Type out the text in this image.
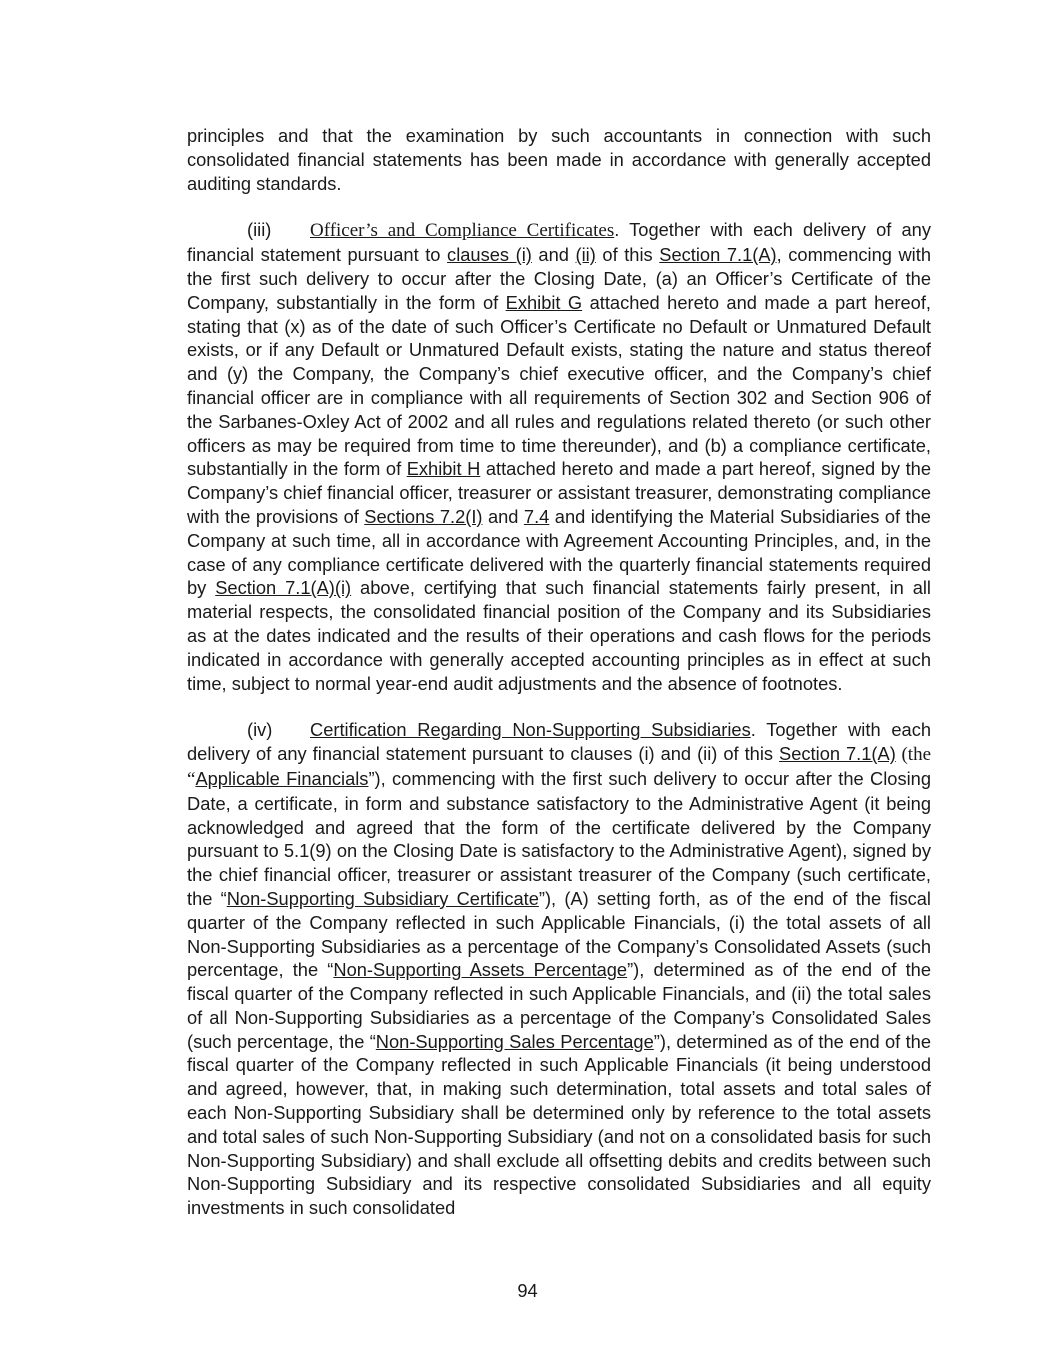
principles and that the examination by such accountants in connection with such consolidated financial statements has been made in accordance with generally accepted auditing standards.

(iii) Officer’s and Compliance Certificates. Together with each delivery of any financial statement pursuant to clauses (i) and (ii) of this Section 7.1(A), commencing with the first such delivery to occur after the Closing Date, (a) an Officer’s Certificate of the Company, substantially in the form of Exhibit G attached hereto and made a part hereof, stating that (x) as of the date of such Officer’s Certificate no Default or Unmatured Default exists, or if any Default or Unmatured Default exists, stating the nature and status thereof and (y) the Company, the Company’s chief executive officer, and the Company’s chief financial officer are in compliance with all requirements of Section 302 and Section 906 of the Sarbanes-Oxley Act of 2002 and all rules and regulations related thereto (or such other officers as may be required from time to time thereunder), and (b) a compliance certificate, substantially in the form of Exhibit H attached hereto and made a part hereof, signed by the Company’s chief financial officer, treasurer or assistant treasurer, demonstrating compliance with the provisions of Sections 7.2(I) and 7.4 and identifying the Material Subsidiaries of the Company at such time, all in accordance with Agreement Accounting Principles, and, in the case of any compliance certificate delivered with the quarterly financial statements required by Section 7.1(A)(i) above, certifying that such financial statements fairly present, in all material respects, the consolidated financial position of the Company and its Subsidiaries as at the dates indicated and the results of their operations and cash flows for the periods indicated in accordance with generally accepted accounting principles as in effect at such time, subject to normal year-end audit adjustments and the absence of footnotes.

(iv) Certification Regarding Non-Supporting Subsidiaries. Together with each delivery of any financial statement pursuant to clauses (i) and (ii) of this Section 7.1(A) (the “Applicable Financials”), commencing with the first such delivery to occur after the Closing Date, a certificate, in form and substance satisfactory to the Administrative Agent (it being acknowledged and agreed that the form of the certificate delivered by the Company pursuant to 5.1(9) on the Closing Date is satisfactory to the Administrative Agent), signed by the chief financial officer, treasurer or assistant treasurer of the Company (such certificate, the “Non-Supporting Subsidiary Certificate”), (A) setting forth, as of the end of the fiscal quarter of the Company reflected in such Applicable Financials, (i) the total assets of all Non-Supporting Subsidiaries as a percentage of the Company’s Consolidated Assets (such percentage, the “Non-Supporting Assets Percentage”), determined as of the end of the fiscal quarter of the Company reflected in such Applicable Financials, and (ii) the total sales of all Non-Supporting Subsidiaries as a percentage of the Company’s Consolidated Sales (such percentage, the “Non-Supporting Sales Percentage”), determined as of the end of the fiscal quarter of the Company reflected in such Applicable Financials (it being understood and agreed, however, that, in making such determination, total assets and total sales of each Non-Supporting Subsidiary shall be determined only by reference to the total assets and total sales of such Non-Supporting Subsidiary (and not on a consolidated basis for such Non-Supporting Subsidiary) and shall exclude all offsetting debits and credits between such Non-Supporting Subsidiary and its respective consolidated Subsidiaries and all equity investments in such consolidated

94
